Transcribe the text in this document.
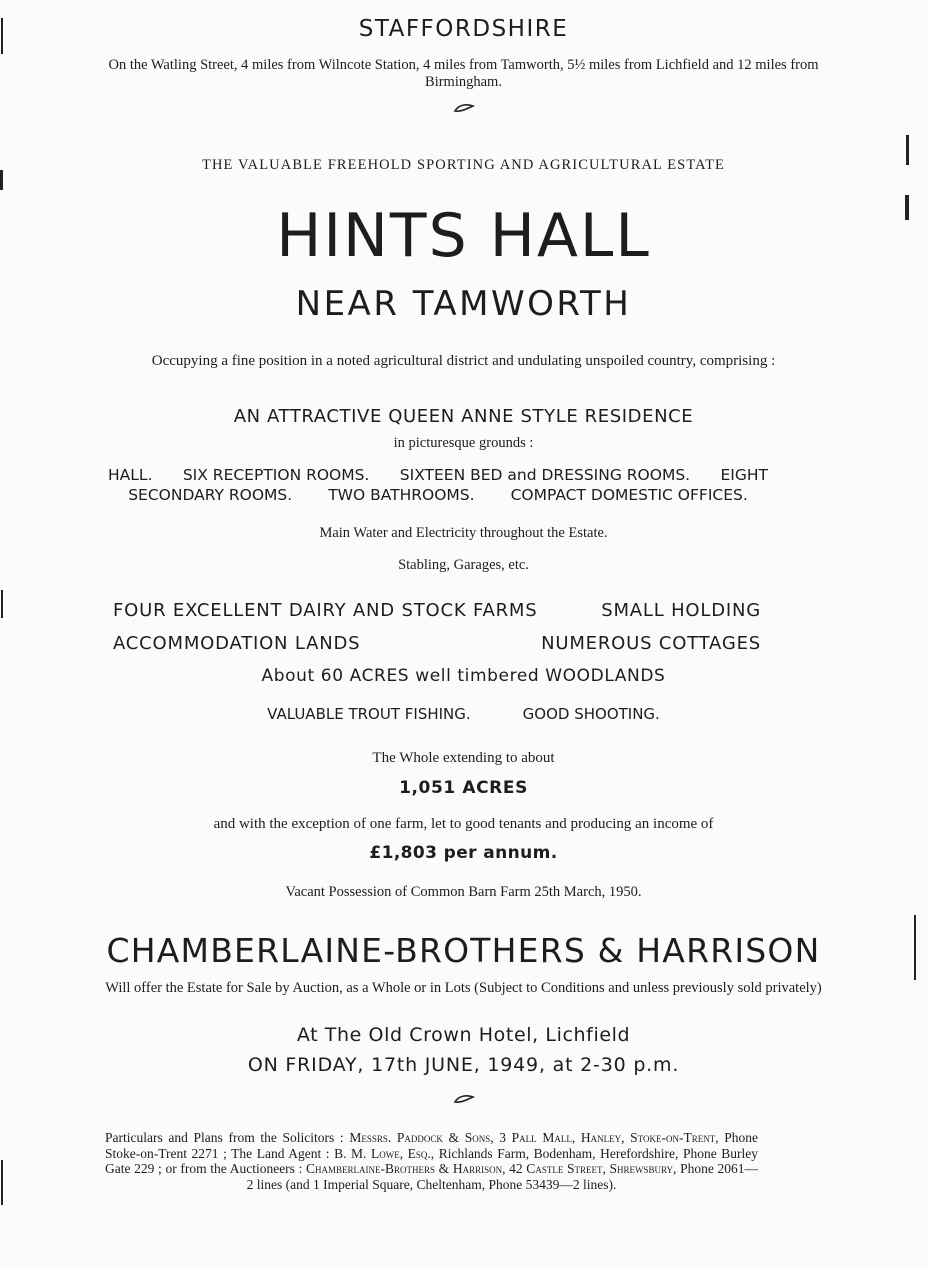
STAFFORDSHIRE
On the Watling Street, 4 miles from Wilncote Station, 4 miles from Tamworth, 5½ miles from Lichfield and 12 miles from Birmingham.
THE VALUABLE FREEHOLD SPORTING AND AGRICULTURAL ESTATE
HINTS HALL
NEAR TAMWORTH
Occupying a fine position in a noted agricultural district and undulating unspoiled country, comprising :
AN ATTRACTIVE QUEEN ANNE STYLE RESIDENCE
in picturesque grounds :
HALL. SIX RECEPTION ROOMS. SIXTEEN BED and DRESSING ROOMS. EIGHT
SECONDARY ROOMS. TWO BATHROOMS. COMPACT DOMESTIC OFFICES.
Main Water and Electricity throughout the Estate.
Stabling, Garages, etc.
FOUR EXCELLENT DAIRY AND STOCK FARMS	SMALL HOLDING
ACCOMMODATION LANDS	NUMEROUS COTTAGES
About 60 ACRES well timbered WOODLANDS
VALUABLE TROUT FISHING.	GOOD SHOOTING.
The Whole extending to about
1,051 ACRES
and with the exception of one farm, let to good tenants and producing an income of
£1,803 per annum.
Vacant Possession of Common Barn Farm 25th March, 1950.
CHAMBERLAINE-BROTHERS & HARRISON
Will offer the Estate for Sale by Auction, as a Whole or in Lots (Subject to Conditions and unless previously sold privately)
At The Old Crown Hotel, Lichfield
ON FRIDAY, 17th JUNE, 1949, at 2-30 p.m.
Particulars and Plans from the Solicitors : Messrs. Paddock & Sons, 3 Pall Mall, Hanley, Stoke-on-Trent, Phone Stoke-on-Trent 2271 ; The Land Agent : B. M. Lowe, Esq., Richlands Farm, Bodenham, Herefordshire, Phone Burley Gate 229 ; or from the Auctioneers : Chamberlaine-Brothers & Harrison, 42 Castle Street, Shrewsbury, Phone 2061—2 lines (and 1 Imperial Square, Cheltenham, Phone 53439—2 lines).
